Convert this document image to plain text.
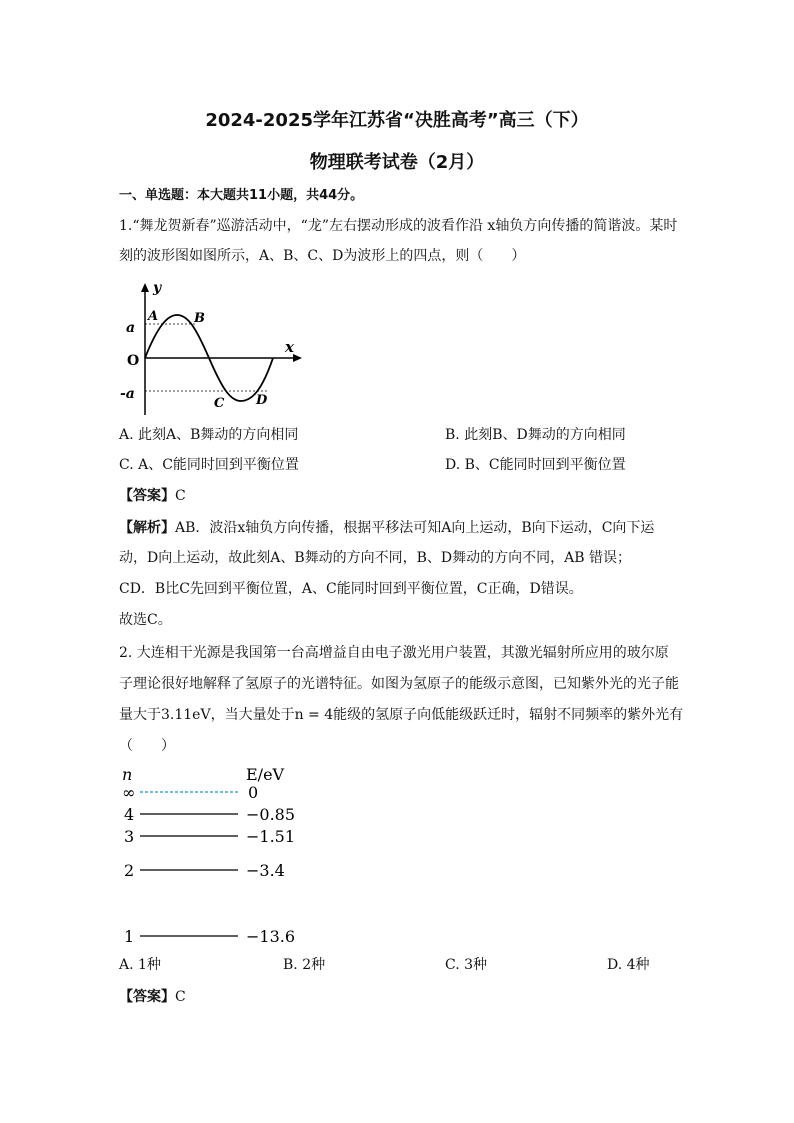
2024-2025学年江苏省“决胜高考”高三（下）
物理联考试卷（2月）
一、单选题：本大题共11小题，共44分。
1.“舞龙贺新春”巡游活动中，“龙”左右摆动形成的波看作沿 x轴负方向传播的简谐波。某时
刻的波形图如图所示，A、B、C、D为波形上的四点，则（　　）
y
x
a
-a
O
A	B
C D
A. 此刻A、B舞动的方向相同	B. 此刻B、D舞动的方向相同
C. A、C能同时回到平衡位置	D. B、C能同时回到平衡位置
【答案】C
【解析】AB．波沿x轴负方向传播，根据平移法可知A向上运动，B向下运动，C向下运
动，D向上运动，故此刻A、B舞动的方向不同，B、D舞动的方向不同，AB 错误；
CD．B比C先回到平衡位置，A、C能同时回到平衡位置，C正确，D错误。
故选C。
2. 大连相干光源是我国第一台高增益自由电子激光用户装置，其激光辐射所应用的玻尔原
子理论很好地解释了氢原子的光谱特征。如图为氢原子的能级示意图，已知紫外光的光子能
量大于3.11eV，当大量处于n = 4能级的氢原子向低能级跃迁时，辐射不同频率的紫外光有
（　　）
n	E/eV
∞	0
4	−0.85
3	−1.51
2	−3.4
1	−13.6
A. 1种	B. 2种	C. 3种	D. 4种
【答案】C
